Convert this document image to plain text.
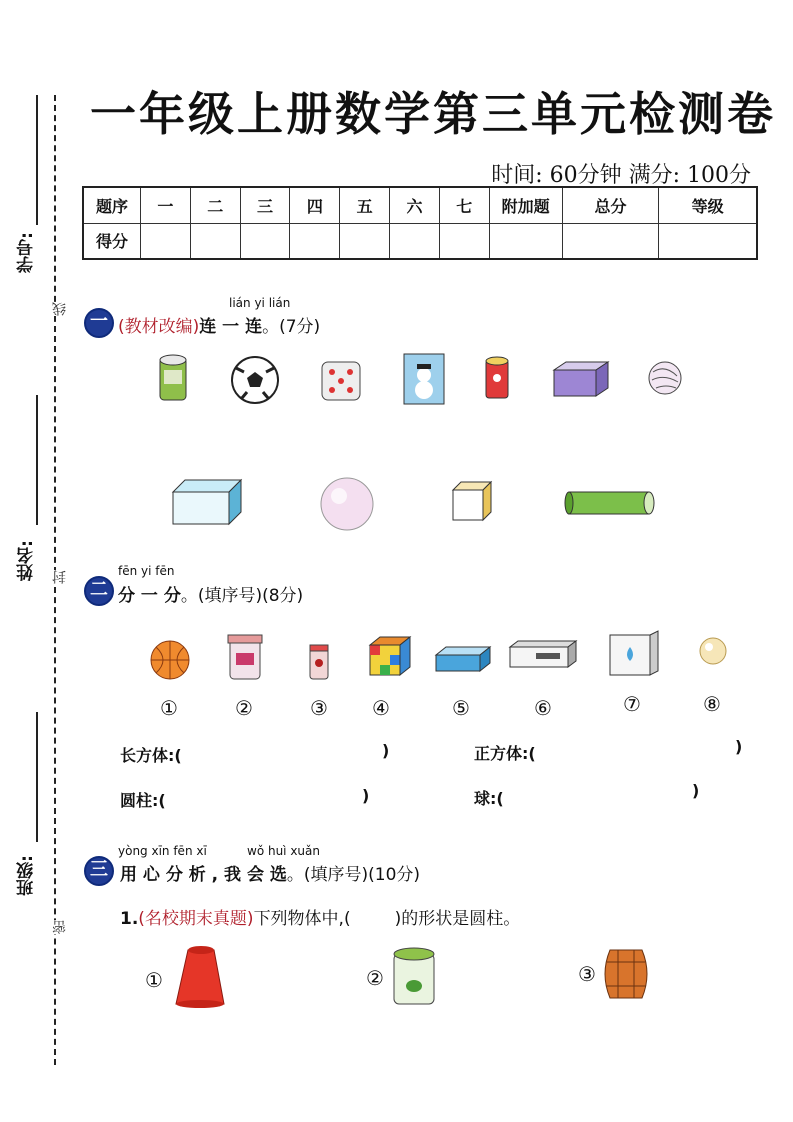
一年级上册数学第三单元检测卷
时间: 60分钟 满分: 100分
题序	一	二	三	四	五	六	七	附加题	总分	等级
得分										
学号:
姓名:
班级:
线
封
密
一
lián yi lián
(教材改编)连 一 连。(7分)
二
fēn yi fēn
分 一 分。(填序号)(8分)
①	②	③ ④	⑤	⑥	⑦	⑧
长方体:(	)	正方体:(	)
圆柱:(	)	球:(	)
三
yòng xīn fēn xī	wǒ huì xuǎn
用 心 分 析 , 我 会 选。(填序号)(10分)
1.(名校期末真题)下列物体中,(	)的形状是圆柱。
①	②	③
